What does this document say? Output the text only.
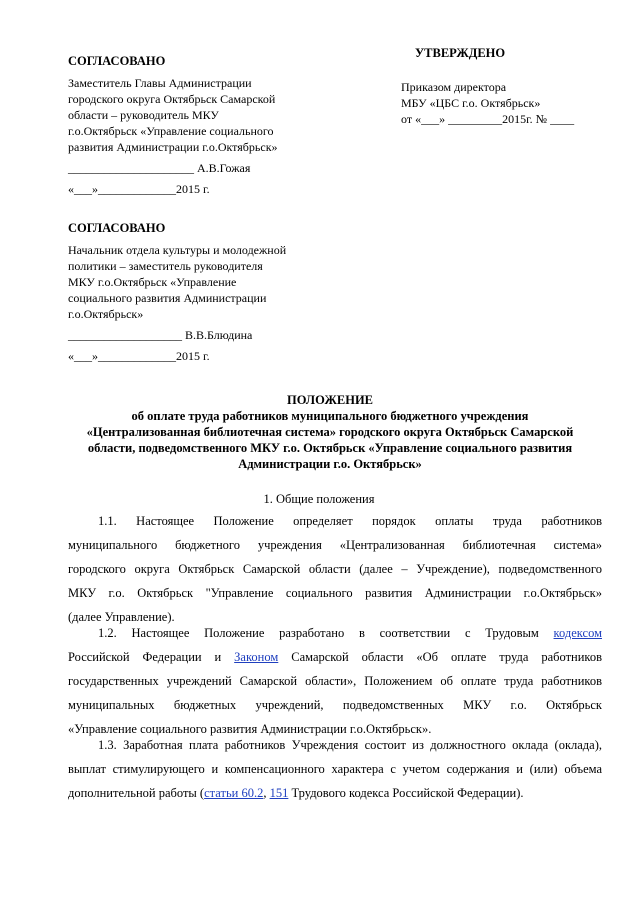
СОГЛАСОВАНО
Заместитель Главы Администрации
городского округа Октябрьск Самарской
области – руководитель МКУ
г.о.Октябрьск «Управление социального
развития Администрации г.о.Октябрьск»
_____________________ А.В.Гожая
«___»_____________2015 г.
СОГЛАСОВАНО
Начальник отдела культуры и молодежной
политики – заместитель руководителя
МКУ г.о.Октябрьск «Управление
социального развития Администрации
г.о.Октябрьск»
___________________ В.В.Блюдина
«___»_____________2015 г.
УТВЕРЖДЕНО
Приказом директора
МБУ «ЦБС г.о. Октябрьск»
от «___» _________2015г. № ____
ПОЛОЖЕНИЕ
об оплате труда работников муниципального бюджетного учреждения
«Централизованная библиотечная система» городского округа Октябрьск Самарской
области, подведомственного МКУ г.о. Октябрьск «Управление социального развития
Администрации г.о. Октябрьск»
1. Общие положения
1.1. Настоящее Положение определяет порядок оплаты труда работников
муниципального бюджетного учреждения «Централизованная библиотечная система»
городского округа Октябрьск Самарской области (далее – Учреждение), подведомственного
МКУ г.о. Октябрьск "Управление социального развития Администрации г.о.Октябрьск»
(далее Управление).
1.2. Настоящее Положение разработано в соответствии с Трудовым кодексом
Российской Федерации и Законом Самарской области «Об оплате труда работников
государственных учреждений Самарской области», Положением об оплате труда работников
муниципальных бюджетных учреждений, подведомственных МКУ г.о. Октябрьск
«Управление социального развития Администрации г.о.Октябрьск».
1.3. Заработная плата работников Учреждения состоит из должностного оклада (оклада),
выплат стимулирующего и компенсационного характера с учетом содержания и (или) объема
дополнительной работы (статьи 60.2, 151 Трудового кодекса Российской Федерации).
